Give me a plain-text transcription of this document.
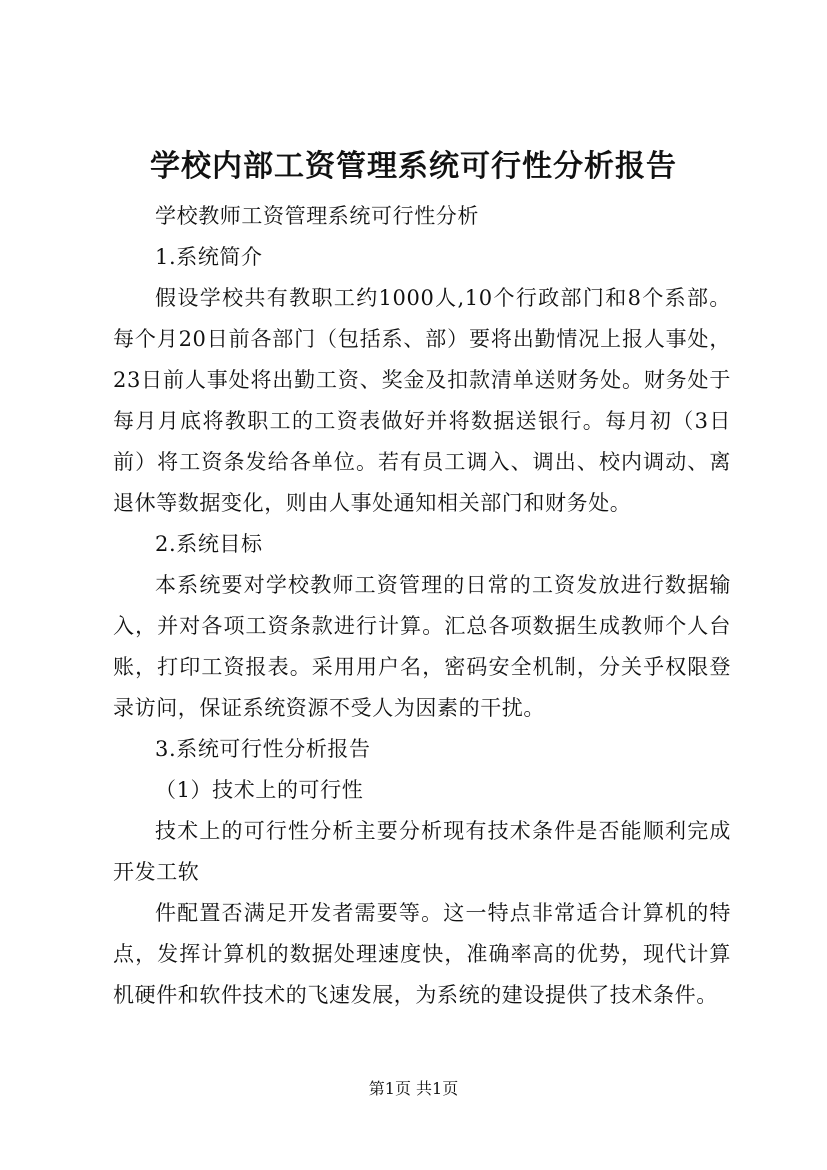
学校内部工资管理系统可行性分析报告

学校教师工资管理系统可行性分析

1.系统简介

假设学校共有教职工约1000人,10个行政部门和8个系部。每个月20日前各部门（包括系、部）要将出勤情况上报人事处，23日前人事处将出勤工资、奖金及扣款清单送财务处。财务处于每月月底将教职工的工资表做好并将数据送银行。每月初（3日前）将工资条发给各单位。若有员工调入、调出、校内调动、离退休等数据变化，则由人事处通知相关部门和财务处。

2.系统目标

本系统要对学校教师工资管理的日常的工资发放进行数据输入，并对各项工资条款进行计算。汇总各项数据生成教师个人台账，打印工资报表。采用用户名，密码安全机制，分关乎权限登录访问，保证系统资源不受人为因素的干扰。

3.系统可行性分析报告

（1）技术上的可行性

技术上的可行性分析主要分析现有技术条件是否能顺利完成开发工软

件配置否满足开发者需要等。这一特点非常适合计算机的特点，发挥计算机的数据处理速度快，准确率高的优势，现代计算机硬件和软件技术的飞速发展，为系统的建设提供了技术条件。

第1页 共1页
